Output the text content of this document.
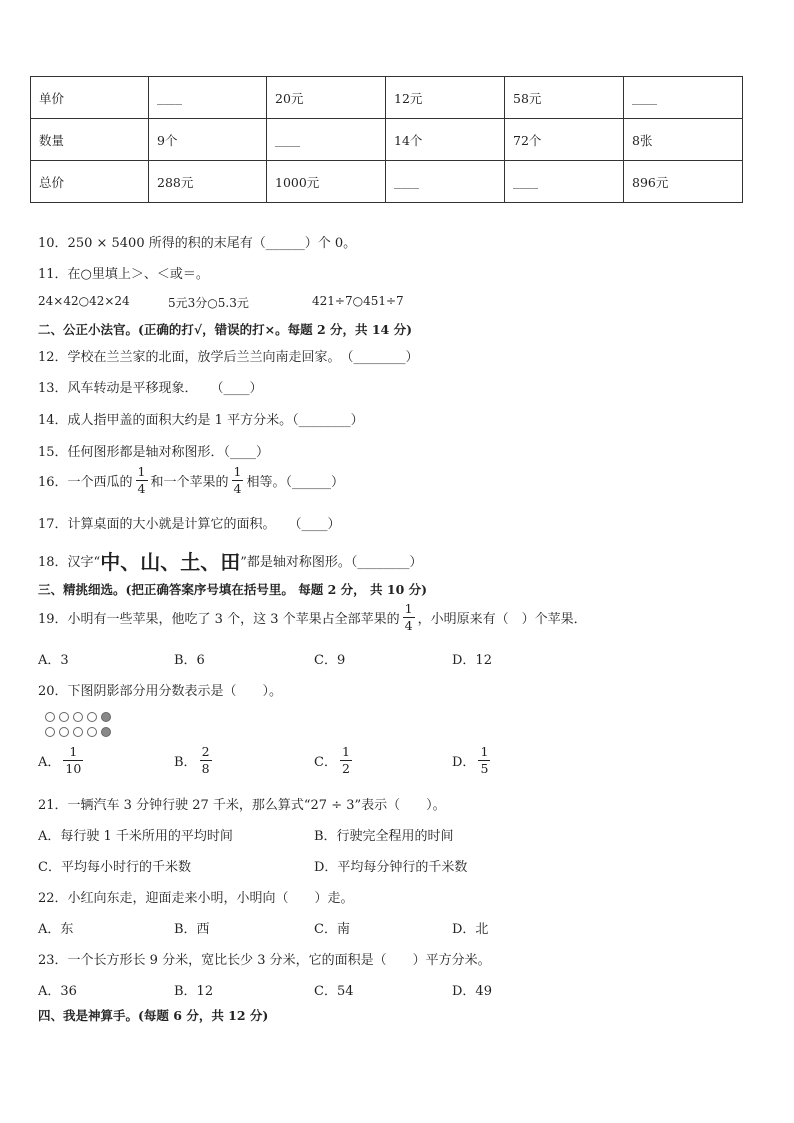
单价	____	20元	12元	58元	____
数量	9个	____	14个	72个	8张
总价	288元	1000元	____	____	896元
10．250 × 5400 所得的积的末尾有（______）个 0。
11．在○里填上＞、＜或＝。
24×42○42×24	5元3分○5.3元	421÷7○451÷7
二、公正小法官。(正确的打√，错误的打×。每题 2 分，共 14 分)
12．学校在兰兰家的北面，放学后兰兰向南走回家。　（________）
13．风车转动是平移现象．　　（____）
14．成人指甲盖的面积大约是 1 平方分米。（________）
15．任何图形都是轴对称图形．（____）
16．一个西瓜的 $\frac{1}{4}$ 和一个苹果的 $\frac{1}{4}$ 相等。（______）
17．计算桌面的大小就是计算它的面积。　　（____）
18．汉字“ 中、山、土、田 ”都是轴对称图形。（________）
三、精挑细选。(把正确答案序号填在括号里。 每题 2 分， 共 10 分)
19．小明有一些苹果，他吃了 3 个，这 3 个苹果占全部苹果的 $\frac{1}{4}$ ，小明原来有（　）个苹果．
A．3	B．6	C．9	D．12
20．下图阴影部分用分数表示是（　　）。
A． $\frac{1}{10}$	B． $\frac{2}{8}$	C． $\frac{1}{2}$	D． $\frac{1}{5}$
21．一辆汽车 3 分钟行驶 27 千米，那么算式“27 ÷ 3”表示（　　）。
A．每行驶 1 千米所用的平均时间	B．行驶完全程用的时间
C．平均每小时行的千米数	D．平均每分钟行的千米数
22．小红向东走，迎面走来小明，小明向（　　）走。
A．东	B．西	C．南	D．北
23．一个长方形长 9 分米，宽比长少 3 分米，它的面积是（　　）平方分米。
A．36	B．12	C．54	D．49
四、我是神算手。(每题 6 分，共 12 分)
